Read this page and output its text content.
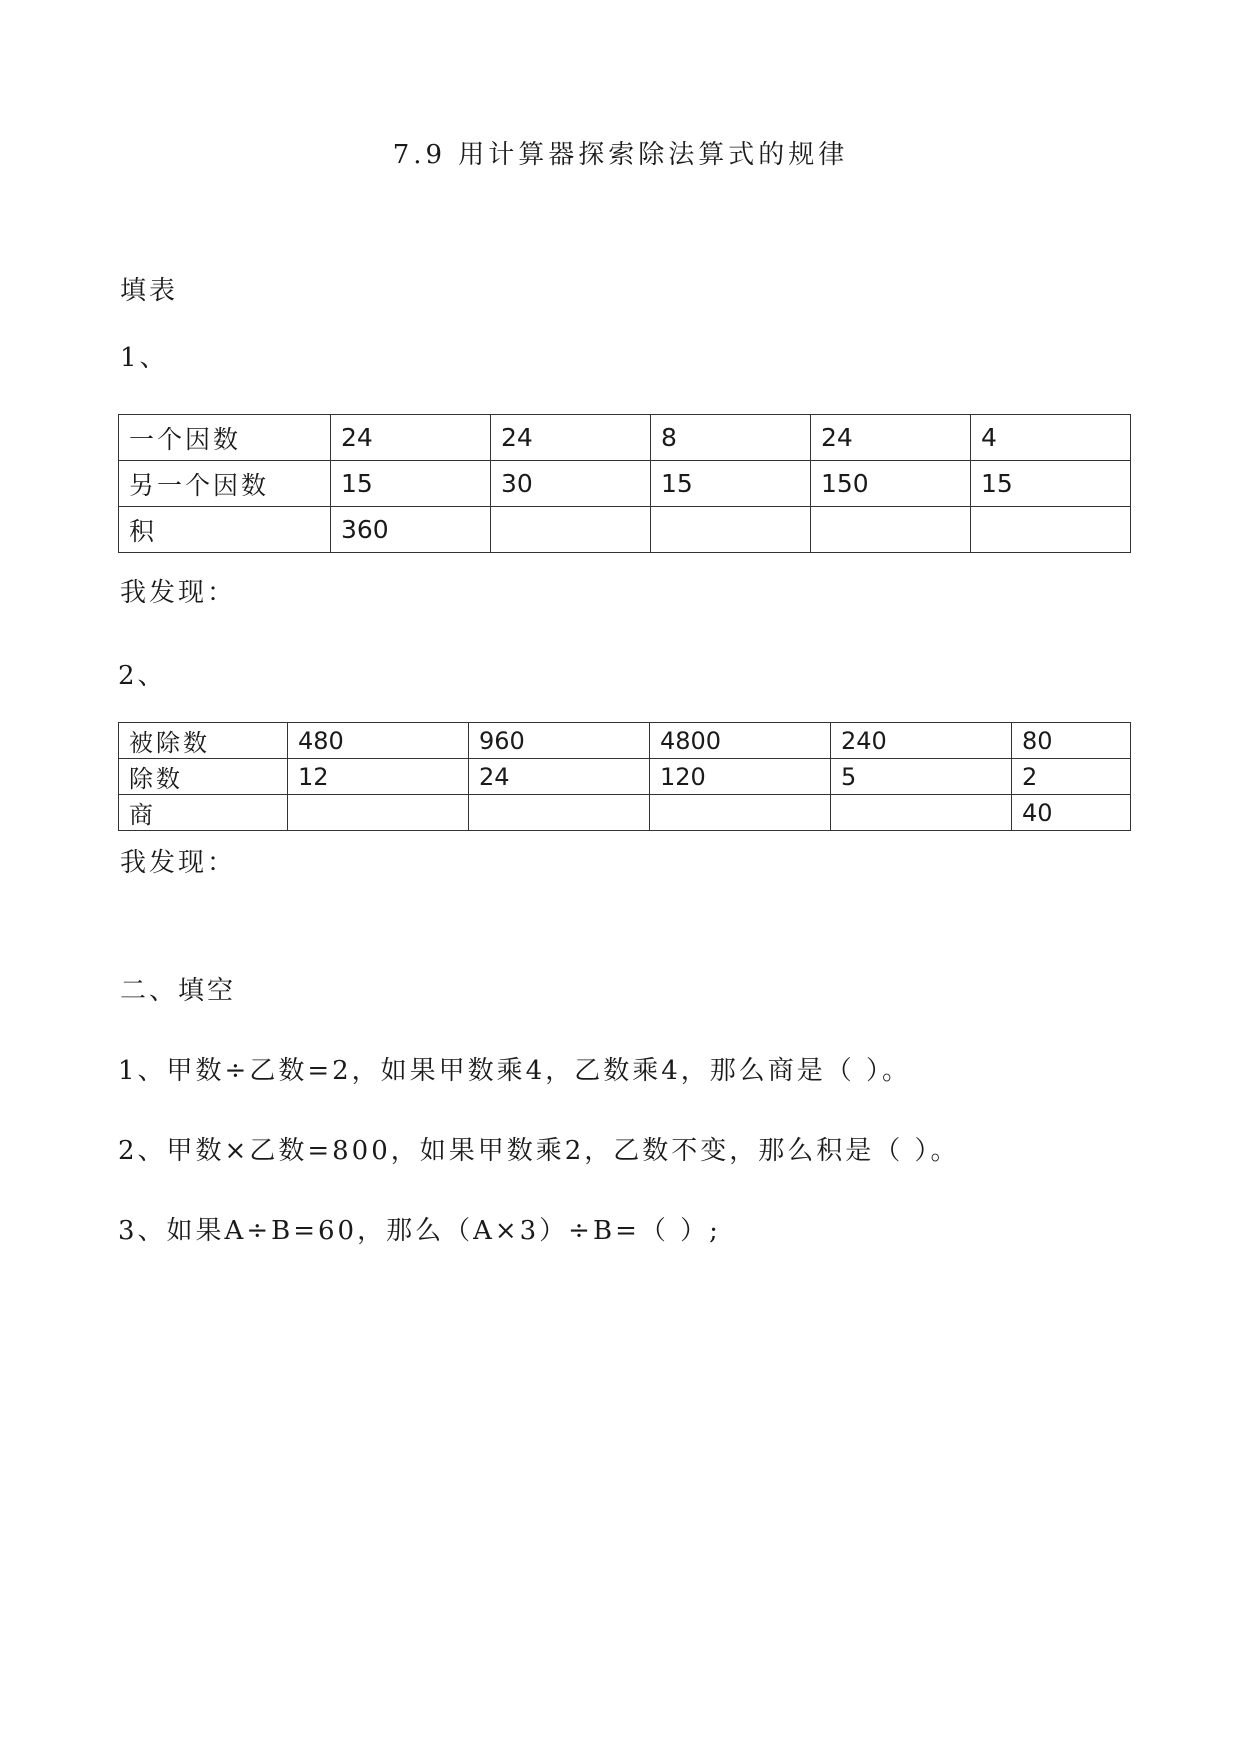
7.9 用计算器探索除法算式的规律
填表
1、
一个因数	24	24	8	24	4
另一个因数	15	30	15	150	15
积	360				
我发现：
2、
被除数	480	960	4800	240	80
除数	12	24	120	5	2
商					40
我发现：
二、填空
1、甲数÷乙数=2，如果甲数乘4，乙数乘4，那么商是（ ）。
2、甲数×乙数=800，如果甲数乘2，乙数不变，那么积是（ ）。
3、如果A÷B=60，那么（A×3）÷B=（ ）;
